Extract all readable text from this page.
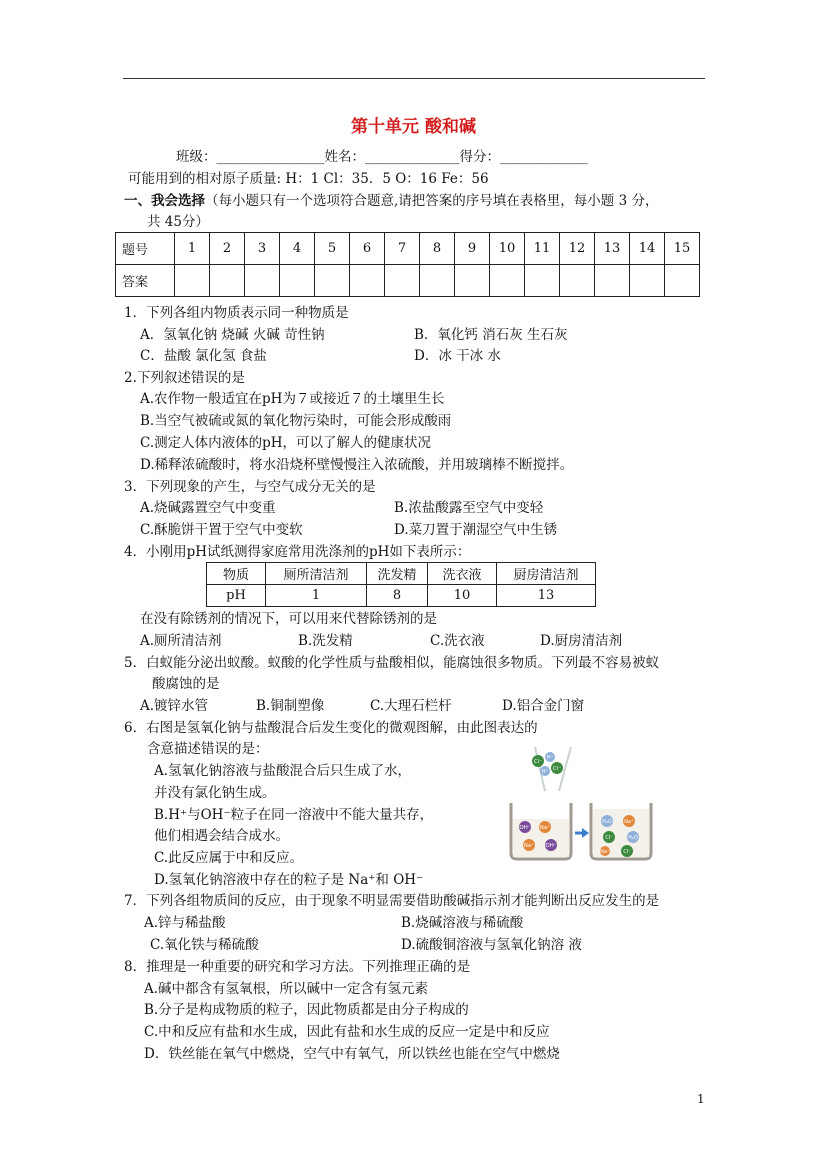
第十单元 酸和碱
班级：________________姓名：______________得分：_____________
可能用到的相对原子质量: H：1 Cl：35．5 O：16 Fe：56
一、我会选择（每小题只有一个选项符合题意,请把答案的序号填在表格里，每小题 3 分，
共 45分）
题号	1	2	3	4	5	6	7	8	9	10	11	12	13	14	15
答案															
1．下列各组内物质表示同一种物质是
A．氢氧化钠 烧碱 火碱 苛性钠	B．氧化钙 消石灰 生石灰
C．盐酸 氯化氢 食盐	D．冰 干冰 水
2.下列叙述错误的是
A.农作物一般适宜在pH为７或接近７的土壤里生长
B.当空气被硫或氮的氧化物污染时，可能会形成酸雨
C.测定人体内液体的pH，可以了解人的健康状况
D.稀释浓硫酸时，将水沿烧杯壁慢慢注入浓硫酸，并用玻璃棒不断搅拌。
3．下列现象的产生，与空气成分无关的是
A.烧碱露置空气中变重	B.浓盐酸露至空气中变轻
C.酥脆饼干置于空气中变软	D.菜刀置于潮湿空气中生锈
4．小刚用pH试纸测得家庭常用洗涤剂的pH如下表所示：
物质	厕所清洁剂	洗发精	洗衣液	厨房清洁剂
pH	1	8	10	13
在没有除锈剂的情况下，可以用来代替除锈剂的是
A.厕所清洁剂	B.洗发精	C.洗衣液	D.厨房清洁剂
5．白蚁能分泌出蚁酸。蚁酸的化学性质与盐酸相似，能腐蚀很多物质。下列最不容易被蚁
酸腐蚀的是
A.镀锌水管	B.铜制塑像	C.大理石栏杆	D.铝合金门窗
6．右图是氢氧化钠与盐酸混合后发生变化的微观图解，由此图表达的
含意描述错误的是：
A.氢氧化钠溶液与盐酸混合后只生成了水，
并没有氯化钠生成。
B.H⁺与OH⁻粒子在同一溶液中不能大量共存，
他们相遇会结合成水。
C.此反应属于中和反应。
D.氢氧化钠溶液中存在的粒子是 Na⁺和 OH⁻
Cl⁻
H⁺
H⁺ Cl⁻
OH⁻ Na⁺
Na⁺ OH⁻
H₂O Na⁺
Cl⁻	H₂O
Na⁺	Cl⁻
7．下列各组物质间的反应，由于现象不明显需要借助酸碱指示剂才能判断出反应发生的是
A.锌与稀盐酸	B.烧碱溶液与稀硫酸
C.氧化铁与稀硫酸	D.硫酸铜溶液与氢氧化钠溶 液
8．推理是一种重要的研究和学习方法。下列推理正确的是
A.碱中都含有氢氧根，所以碱中一定含有氢元素
B.分子是构成物质的粒子，因此物质都是由分子构成的
C.中和反应有盐和水生成，因此有盐和水生成的反应一定是中和反应
D．铁丝能在氧气中燃烧，空气中有氧气，所以铁丝也能在空气中燃烧
1
